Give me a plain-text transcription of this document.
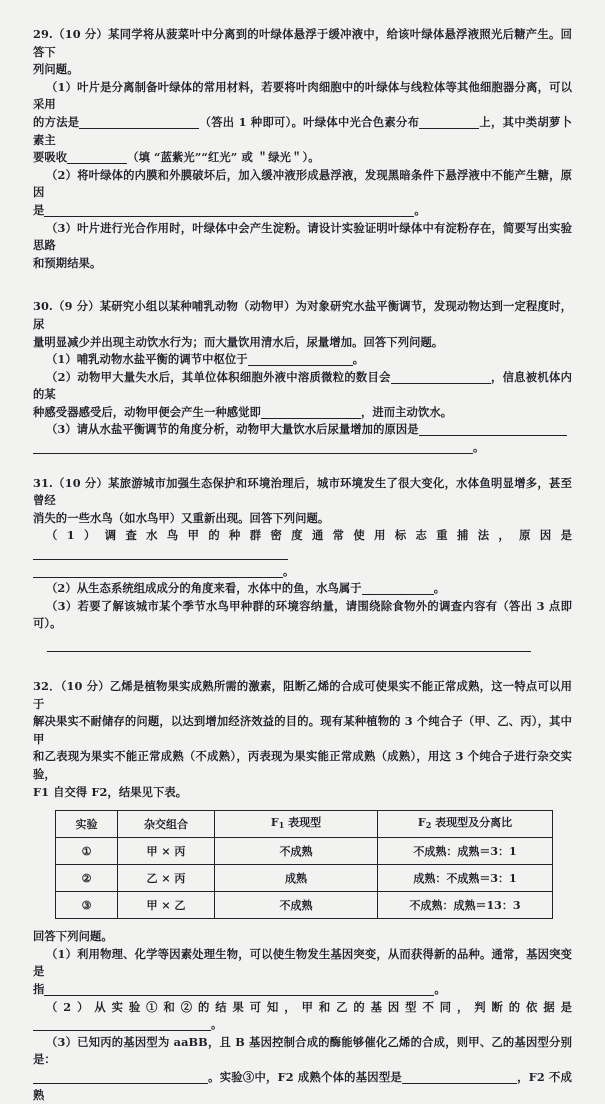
29.（10 分）某同学将从菠菜叶中分离到的叶绿体悬浮于缓冲液中，给该叶绿体悬浮液照光后糖产生。回答下

列问题。

（1）叶片是分离制备叶绿体的常用材料，若要将叶肉细胞中的叶绿体与线粒体等其他细胞器分离，可以采用

的方法是	（答出 1 种即可）。叶绿体中光合色素分布	上，其中类胡萝卜素主

要吸收	（填 “蓝紫光”“红光” 或 ＂绿光＂）。

（2）将叶绿体的内膜和外膜破坏后，加入缓冲液形成悬浮液，发现黑暗条件下悬浮液中不能产生糖，原因

是	。

（3）叶片进行光合作用时，叶绿体中会产生淀粉。请设计实验证明叶绿体中有淀粉存在，简要写出实验思路

和预期结果。

30.（9 分）某研究小组以某种哺乳动物（动物甲）为对象研究水盐平衡调节，发现动物达到一定程度时，尿

量明显减少并出现主动饮水行为；而大量饮用清水后，尿量增加。回答下列问题。

（1）哺乳动物水盐平衡的调节中枢位于	。

（2）动物甲大量失水后，其单位体积细胞外液中溶质微粒的数目会	，信息被机体内的某

种感受器感受后，动物甲便会产生一种感觉即	，进而主动饮水。

（3）请从水盐平衡调节的角度分析，动物甲大量饮水后尿量增加的原因是

。

31.（10 分）某旅游城市加强生态保护和环境治理后，城市环境发生了很大变化，水体鱼明显增多，甚至曾经

消失的一些水鸟（如水鸟甲）又重新出现。回答下列问题。

（1）调查水鸟甲的种群密度通常使用标志重捕法，原因是

。

（2）从生态系统组成成分的角度来看，水体中的鱼，水鸟属于	。

（3）若要了解该城市某个季节水鸟甲种群的环境容纳量，请围绕除食物外的调查内容有（答出 3 点即可）。

32．（10 分）乙烯是植物果实成熟所需的激素，阻断乙烯的合成可使果实不能正常成熟，这一特点可以用于

解决果实不耐储存的问题，以达到增加经济效益的目的。现有某种植物的 3 个纯合子（甲、乙、丙），其中甲

和乙表现为果实不能正常成熟（不成熟），丙表现为果实能正常成熟（成熟），用这 3 个纯合子进行杂交实验，

F1 自交得 F2，结果见下表。

实验	杂交组合	$F_1$ 表现型	$F_2$ 表现型及分离比
①	甲 × 丙	不成熟	不成熟：成熟＝3：1
②	乙 × 丙	成熟	成熟：不成熟＝3：1
③	甲 × 乙	不成熟	不成熟：成熟＝13：3

回答下列问题。

（1）利用物理、化学等因素处理生物，可以使生物发生基因突变，从而获得新的品种。通常，基因突变是

指	。

（2）从实验①和②的结果可知，甲和乙的基因型不同，判断的依据是。

（3）已知丙的基因型为 aaBB，且 B 基因控制合成的酶能够催化乙烯的合成，则甲、乙的基因型分别是：

。实验③中，F2 成熟个体的基因型是	，F2 不成熟
